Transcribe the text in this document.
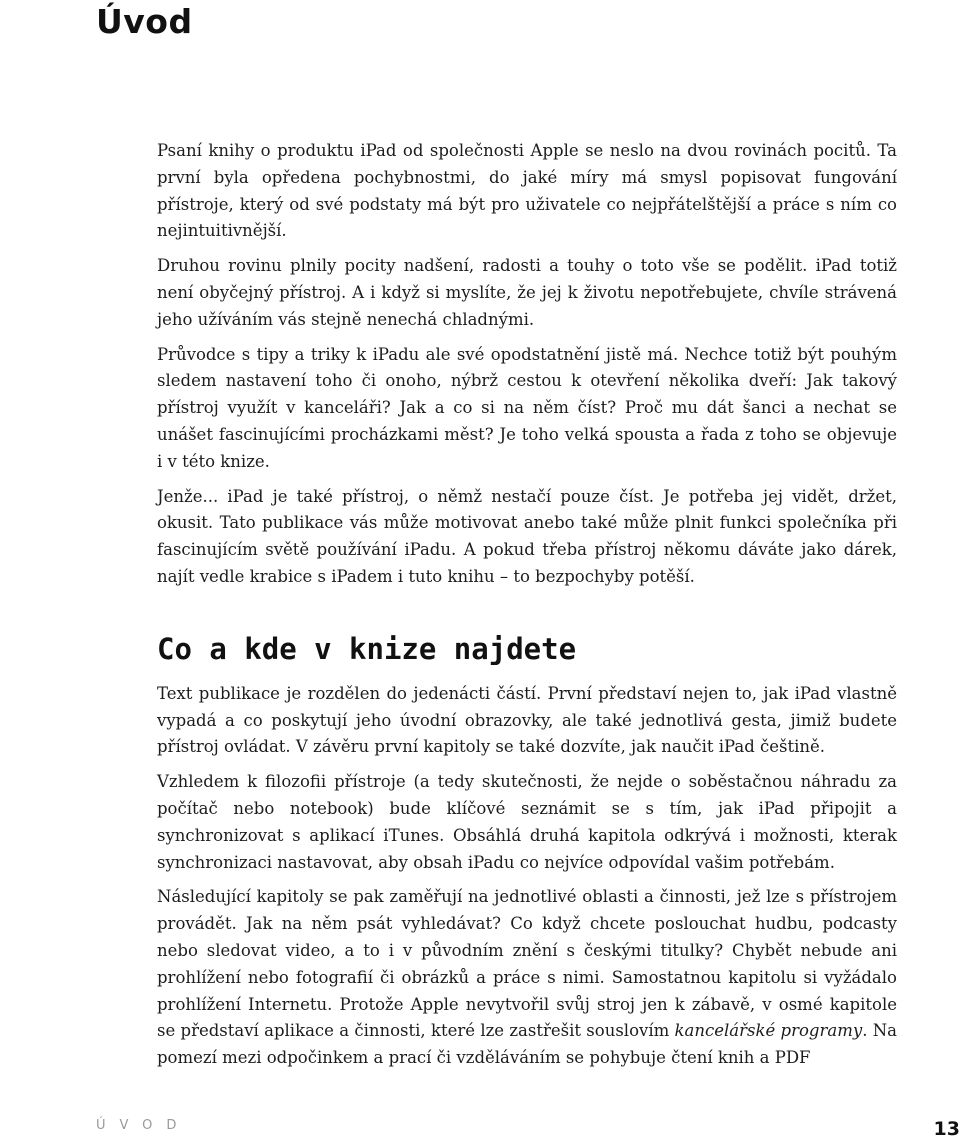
Úvod

Psaní knihy o produktu iPad od společnosti Apple se neslo na dvou rovinách pocitů. Ta první byla opředena pochybnostmi, do jaké míry má smysl popisovat fungování přístroje, který od své podstaty má být pro uživatele co nejpřátelštější a práce s ním co nejintuitivnější.

Druhou rovinu plnily pocity nadšení, radosti a touhy o toto vše se podělit. iPad totiž není obyčejný přístroj. A i když si myslíte, že jej k životu nepotřebujete, chvíle strávená jeho užíváním vás stejně nenechá chladnými.

Průvodce s tipy a triky k iPadu ale své opodstatnění jistě má. Nechce totiž být pouhým sledem nastavení toho či onoho, nýbrž cestou k otevření několika dveří: Jak takový přístroj využít v kanceláři? Jak a co si na něm číst? Proč mu dát šanci a nechat se unášet fascinujícími procházkami měst? Je toho velká spousta a řada z toho se objevuje i v této knize.

Jenže... iPad je také přístroj, o němž nestačí pouze číst. Je potřeba jej vidět, držet, okusit. Tato publikace vás může motivovat anebo také může plnit funkci společníka při fascinujícím světě používání iPadu. A pokud třeba přístroj někomu dáváte jako dárek, najít vedle krabice s iPadem i tuto knihu – to bezpochyby potěší.

Co a kde v knize najdete

Text publikace je rozdělen do jedenácti částí. První představí nejen to, jak iPad vlastně vypadá a co poskytují jeho úvodní obrazovky, ale také jednotlivá gesta, jimiž budete přístroj ovládat. V závěru první kapitoly se také dozvíte, jak naučit iPad češtině.

Vzhledem k filozofii přístroje (a tedy skutečnosti, že nejde o soběstačnou náhradu za počítač nebo notebook) bude klíčové seznámit se s tím, jak iPad připojit a synchronizovat s aplikací iTunes. Obsáhlá druhá kapitola odkrývá i možnosti, kterak synchronizaci nastavovat, aby obsah iPadu co nejvíce odpovídal vašim potřebám.

Následující kapitoly se pak zaměřují na jednotlivé oblasti a činnosti, jež lze s přístrojem provádět. Jak na něm psát vyhledávat? Co když chcete poslouchat hudbu, podcasty nebo sledovat video, a to i v původním znění s českými titulky? Chybět nebude ani prohlížení nebo fotografií či obrázků a práce s nimi. Samostatnou kapitolu si vyžádalo prohlížení Internetu. Protože Apple nevytvořil svůj stroj jen k zábavě, v osmé kapitole se představí aplikace a činnosti, které lze zastřešit souslovím kancelářské programy. Na pomezí mezi odpočinkem a prací či vzděláváním se pohybuje čtení knih a PDF

ÚVOD	13
